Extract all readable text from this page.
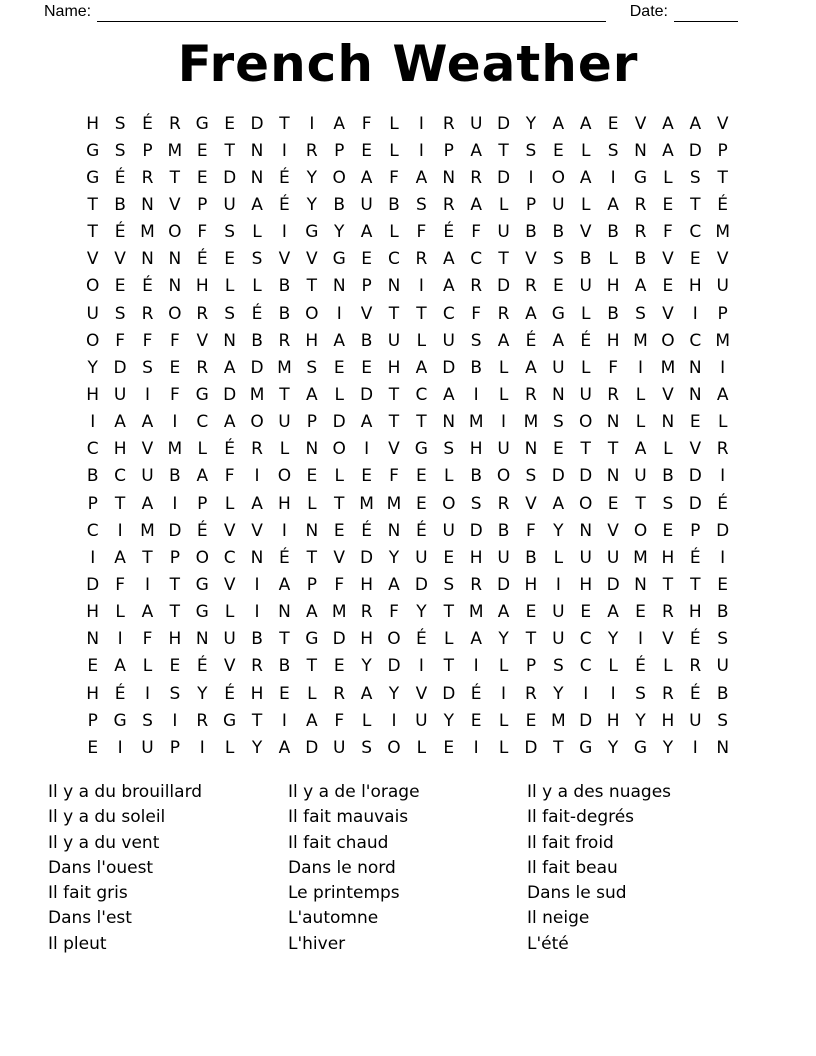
Name:	Date:
French Weather
H S É R G E D T	I	A F	L	I	R U D Y A A E V A A V
G S P M E T N	I	R P E	L	I	P A T S E	L	S N A D P
G É R T E D N É Y O A F A N R D	I	O A	I	G L	S T
T B N V P U A É Y B U B S R A L	P U L A R E T É
T É M O F	S	L	I	G Y A L	F	É	F U B B V B R F C M
V V N N É E S V V G E C R A C T V S B L B V E V
O E É N H L	L B T N P N	I	A R D R E U H A E H U
U S R O R S É B O	I	V T	T C F R A G L B S V	I	P
O F	F	F V N B R H A B U L U S A É A É H M O C M
Y D S E R A D M S E E H A D B L A U L	F	I	M N	I
H U	I	F G D M T A L D T C A	I	L R N U R L V N A
I	A A	I	C A O U P D A T	T N M	I	M S O N L N E	L
C H V M L	É R L N O	I	V G S H U N E T	T A L V R
B C U B A F	I	O E	L	E	F	E	L B O S D D N U B D	I
P	T A	I	P	L A H L	T M M E O S R V A O E T S D É
C	I	M D É V V	I	N E É N É U D B F	Y N V O E P D
I	A T	P O C N É T V D Y U E H U B L U U M H É	I
D F	I	T G V	I	A P	F H A D S R D H	I	H D N T	T E
H L A T G L	I	N A M R F	Y	T M A E U E A E R H B
N	I	F H N U B T G D H O É	L A Y	T U C Y	I	V É S
E A L	E É V R B T E Y D	I	T	I	L	P S C L	É	L R U
H É	I	S Y É H E	L R A Y V D É	I	R Y	I	I	S R É B
P G S	I	R G T	I	A F	L	I	U Y E	L	E M D H Y H U S
E	I	U P	I	L	Y A D U S O L	E	I	L D T G Y G Y	I	N
Il y a du brouillard
Il y a du soleil
Il y a du vent
Dans l'ouest
Il fait gris
Dans l'est
Il pleut
Il y a de l'orage
Il fait mauvais
Il fait chaud
Dans le nord
Le printemps
L'automne
L'hiver
Il y a des nuages
Il fait-degrés
Il fait froid
Il fait beau
Dans le sud
Il neige
L'été
